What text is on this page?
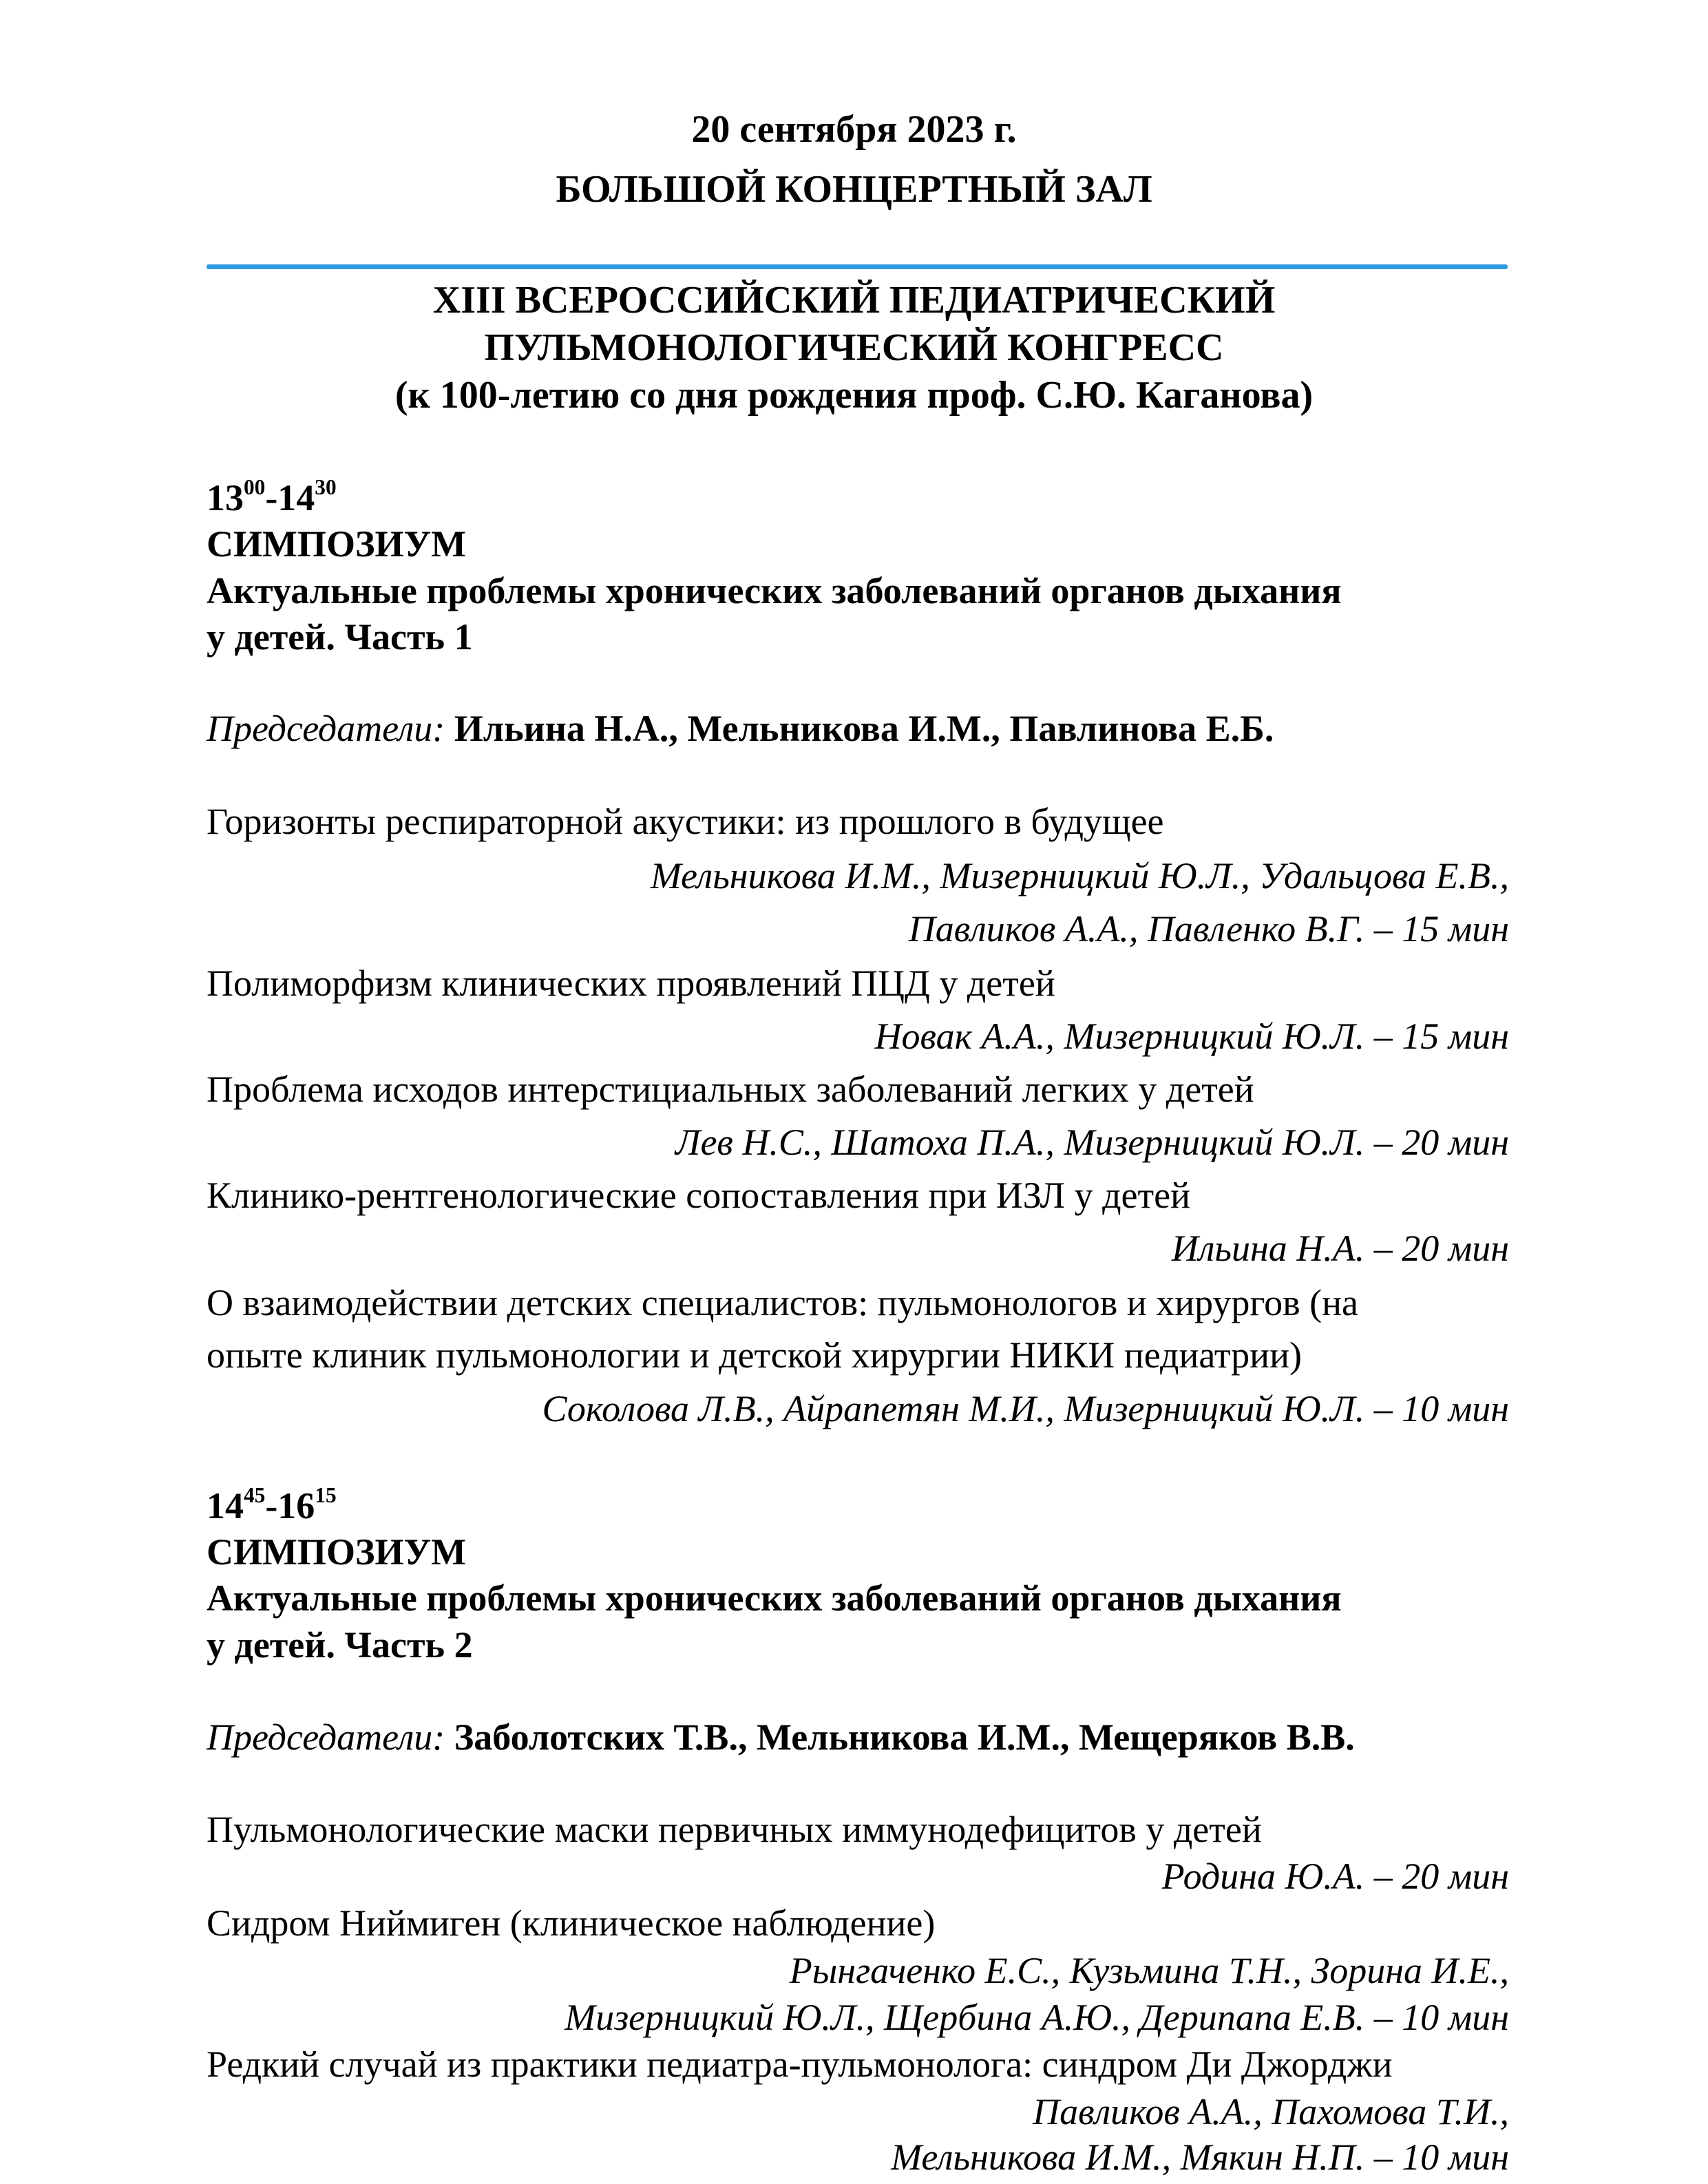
20 сентября 2023 г.
БОЛЬШОЙ КОНЦЕРТНЫЙ ЗАЛ
XIII ВСЕРОССИЙСКИЙ ПЕДИАТРИЧЕСКИЙ
ПУЛЬМОНОЛОГИЧЕСКИЙ КОНГРЕСС
(к 100-летию со дня рождения проф. С.Ю. Каганова)
$13^{00}-14^{30}$
СИМПОЗИУМ
Актуальные проблемы хронических заболеваний органов дыхания
у детей. Часть 1
Председатели: Ильина Н.А., Мельникова И.М., Павлинова Е.Б.
Горизонты респираторной акустики: из прошлого в будущее
Мельникова И.М., Мизерницкий Ю.Л., Удальцова Е.В.,
Павликов А.А., Павленко В.Г. – 15 мин
Полиморфизм клинических проявлений ПЦД у детей
Новак А.А., Мизерницкий Ю.Л. – 15 мин
Проблема исходов интерстициальных заболеваний легких у детей
Лев Н.С., Шатоха П.А., Мизерницкий Ю.Л. – 20 мин
Клинико-рентгенологические сопоставления при ИЗЛ у детей
Ильина Н.А. – 20 мин
О взаимодействии детских специалистов: пульмонологов и хирургов (на
опыте клиник пульмонологии и детской хирургии НИКИ педиатрии)
Соколова Л.В., Айрапетян М.И., Мизерницкий Ю.Л. – 10 мин
$14^{45}-16^{15}$
СИМПОЗИУМ
Актуальные проблемы хронических заболеваний органов дыхания
у детей. Часть 2
Председатели: Заболотских Т.В., Мельникова И.М., Мещеряков В.В.
Пульмонологические маски первичных иммунодефицитов у детей
Родина Ю.А. – 20 мин
Сидром Ниймиген (клиническое наблюдение)
Рынгаченко Е.С., Кузьмина Т.Н., Зорина И.Е.,
Мизерницкий Ю.Л., Щербина А.Ю., Дерипапа Е.В. – 10 мин
Редкий случай из практики педиатра-пульмонолога: синдром Ди Джорджи
Павликов А.А., Пахомова Т.И.,
Мельникова И.М., Мякин Н.П. – 10 мин
